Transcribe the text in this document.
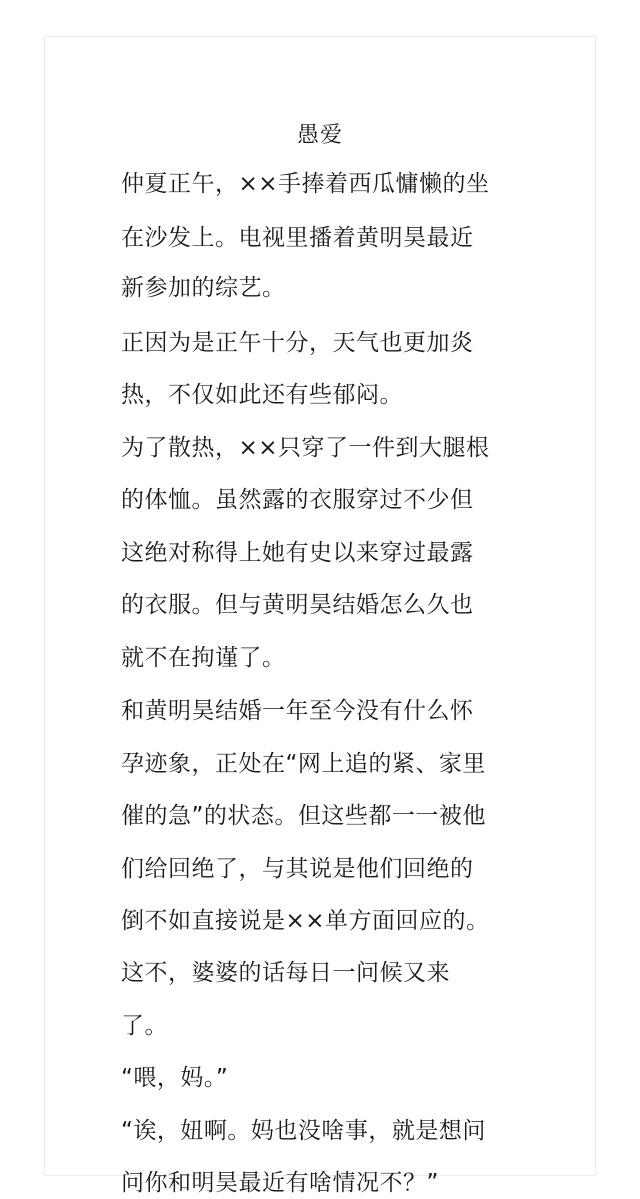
愚爱
仲夏正午，××手捧着西瓜慵懒的坐
在沙发上。电视里播着黄明昊最近
新参加的综艺。
正因为是正午十分，天气也更加炎
热，不仅如此还有些郁闷。
为了散热，××只穿了一件到大腿根
的体恤。虽然露的衣服穿过不少但
这绝对称得上她有史以来穿过最露
的衣服。但与黄明昊结婚怎么久也
就不在拘谨了。
和黄明昊结婚一年至今没有什么怀
孕迹象，正处在“网上追的紧、家里
催的急”的状态。但这些都一一被他
们给回绝了，与其说是他们回绝的
倒不如直接说是××单方面回应的。
这不，婆婆的话每日一问候又来
了。
“喂，妈。”
“诶，妞啊。妈也没啥事，就是想问
问你和明昊最近有啥情况不？”
